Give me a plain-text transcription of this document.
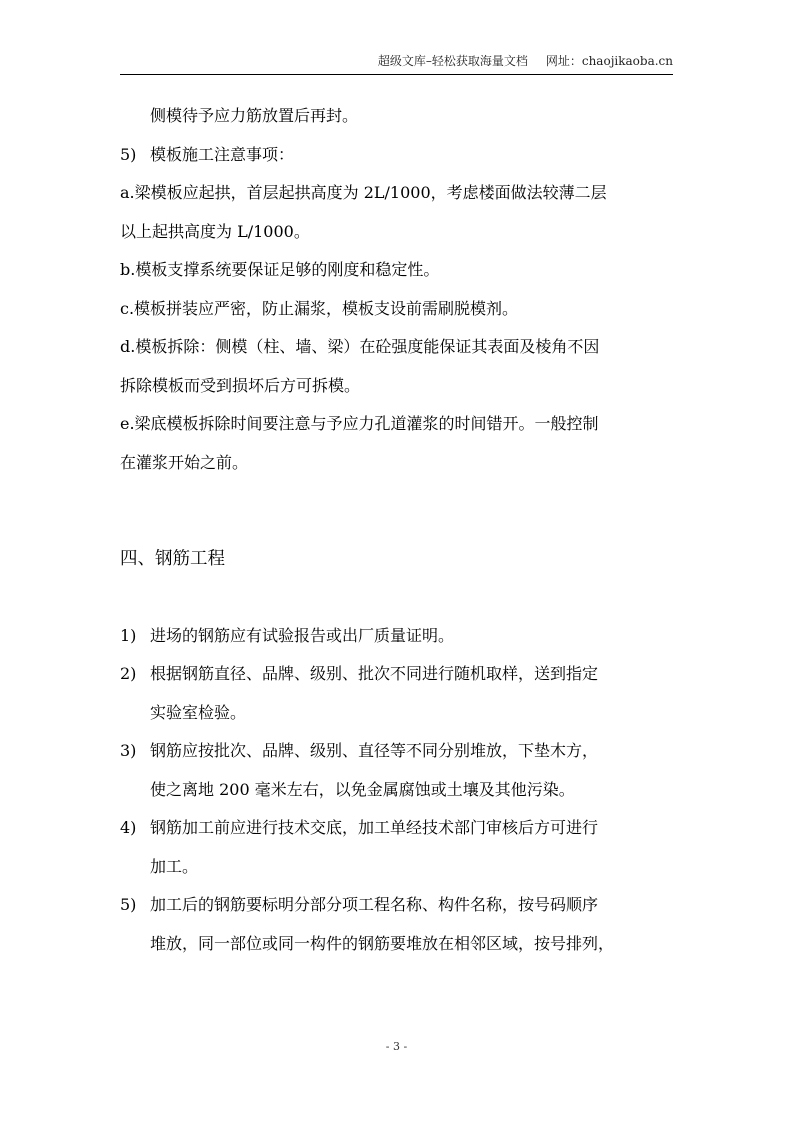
超级文库–轻松获取海量文档 网址：chaojikaoba.cn
侧模待予应力筋放置后再封。
5) 模板施工注意事项：
a.梁模板应起拱，首层起拱高度为 2L/1000，考虑楼面做法较薄二层
以上起拱高度为 L/1000。
b.模板支撑系统要保证足够的刚度和稳定性。
c.模板拼装应严密，防止漏浆，模板支设前需刷脱模剂。
d.模板拆除：侧模（柱、墙、梁）在砼强度能保证其表面及棱角不因
拆除模板而受到损坏后方可拆模。
e.梁底模板拆除时间要注意与予应力孔道灌浆的时间错开。一般控制
在灌浆开始之前。
四、钢筋工程
1) 进场的钢筋应有试验报告或出厂质量证明。
2) 根据钢筋直径、品牌、级别、批次不同进行随机取样，送到指定
实验室检验。
3) 钢筋应按批次、品牌、级别、直径等不同分别堆放，下垫木方，
使之离地 200 毫米左右，以免金属腐蚀或土壤及其他污染。
4) 钢筋加工前应进行技术交底，加工单经技术部门审核后方可进行
加工。
5) 加工后的钢筋要标明分部分项工程名称、构件名称，按号码顺序
堆放，同一部位或同一构件的钢筋要堆放在相邻区域，按号排列，
- 3 -
